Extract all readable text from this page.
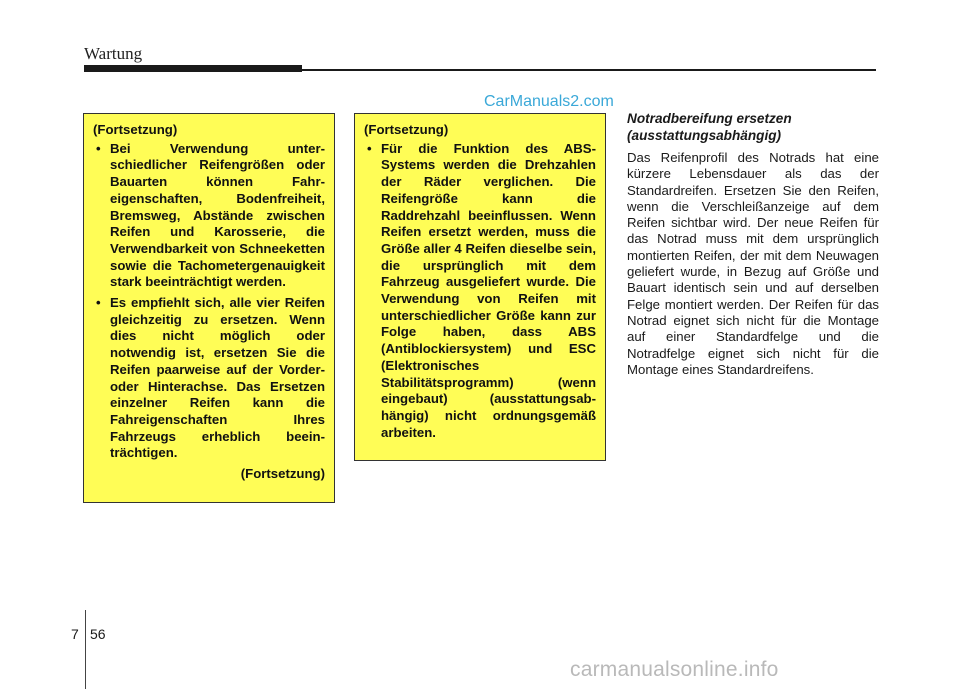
Wartung
CarManuals2.com
(Fortsetzung)
• Bei Verwendung unterschiedlicher Reifengrößen oder Bauarten können Fahreigenschaften, Bodenfreiheit, Bremsweg, Abstände zwischen Reifen und Karosserie, die Verwendbarkeit von Schneeketten sowie die Tachometergenauigkeit stark beeinträchtigt werden.
• Es empfiehlt sich, alle vier Reifen gleichzeitig zu ersetzen. Wenn dies nicht möglich oder notwendig ist, ersetzen Sie die Reifen paarweise auf der Vorder- oder Hinterachse. Das Ersetzen einzelner Reifen kann die Fahreigenschaften Ihres Fahrzeugs erheblich beeinträchtigen.
(Fortsetzung)
(Fortsetzung)
• Für die Funktion des ABS-Systems werden die Drehzahlen der Räder verglichen. Die Reifengröße kann die Raddrehzahl beeinflussen. Wenn Reifen ersetzt werden, muss die Größe aller 4 Reifen dieselbe sein, die ursprünglich mit dem Fahrzeug ausgeliefert wurde. Die Verwendung von Reifen mit unterschiedlicher Größe kann zur Folge haben, dass ABS (Antiblockiersystem) und ESC (Elektronisches Stabilitätsprogramm) (wenn eingebaut) (ausstattungsabhängig) nicht ordnungsgemäß arbeiten.
Notradbereifung ersetzen
(ausstattungsabhängig)
Das Reifenprofil des Notrads hat eine kürzere Lebensdauer als das der Standardreifen. Ersetzen Sie den Reifen, wenn die Verschleißanzeige auf dem Reifen sichtbar wird. Der neue Reifen für das Notrad muss mit dem ursprünglich montierten Reifen, der mit dem Neuwagen geliefert wurde, in Bezug auf Größe und Bauart identisch sein und auf derselben Felge montiert werden. Der Reifen für das Notrad eignet sich nicht für die Montage auf einer Standardfelge und die Notradfelge eignet sich nicht für die Montage eines Standardreifens.
7 56
carmanualsonline.info
